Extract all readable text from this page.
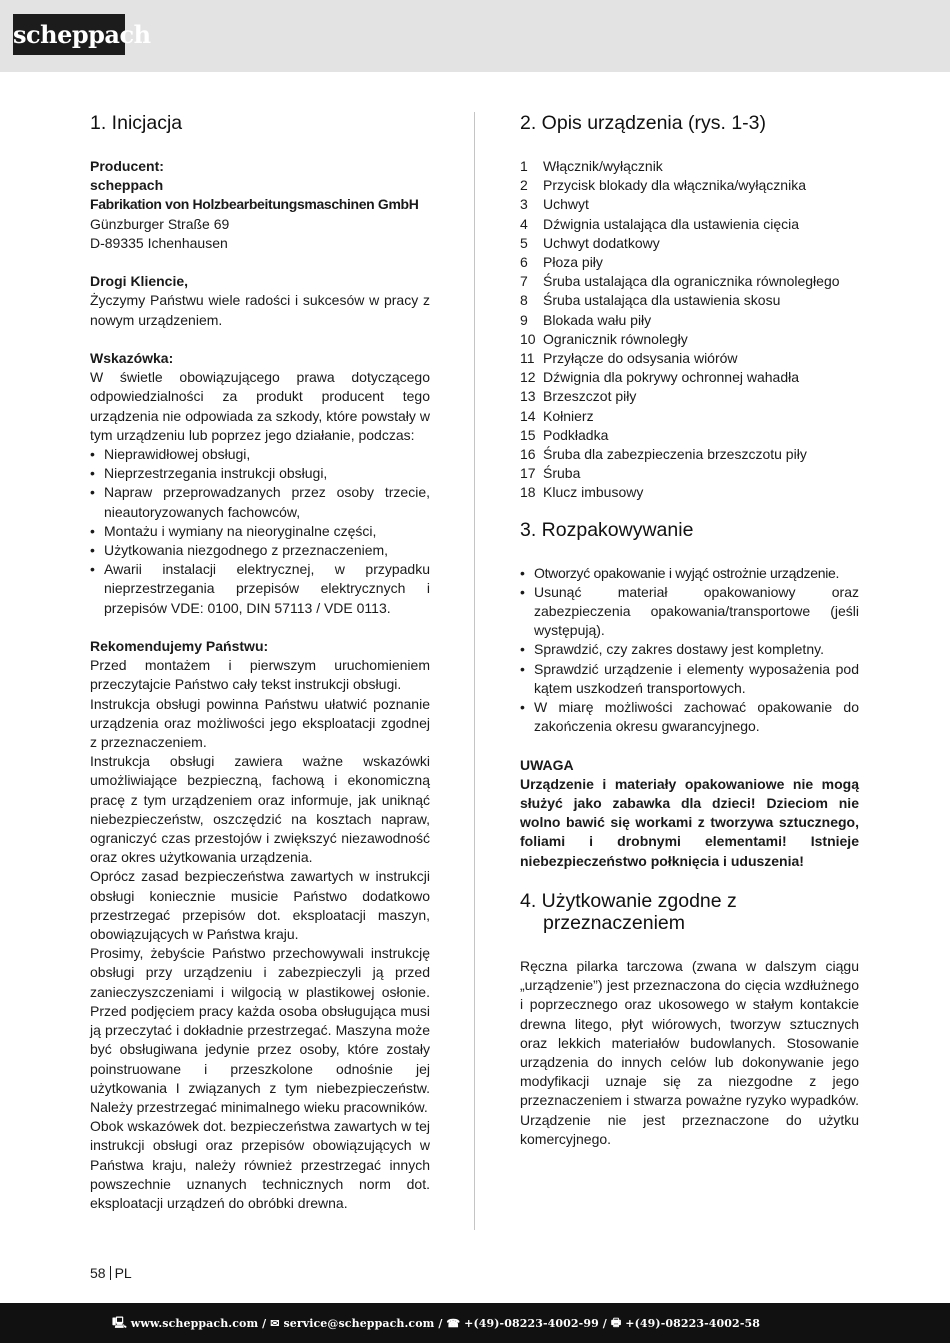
scheppach
1. Inicjacja

Producent:

scheppach

Fabrikation von Holzbearbeitungsmaschinen GmbH

Günzburger Straße 69

D-89335 Ichenhausen

Drogi Kliencie,

Życzymy Państwu wiele radości i sukcesów w pracy z nowym urządzeniem.

Wskazówka:

W świetle obowiązującego prawa dotyczącego odpowiedzialności za produkt producent tego urządzenia nie odpowiada za szkody, które powstały w tym urządzeniu lub poprzez jego działanie, podczas:

• Nieprawidłowej obsługi,
• Nieprzestrzegania instrukcji obsługi,
• Napraw przeprowadzanych przez osoby trzecie, nieautoryzowanych fachowców,
• Montażu i wymiany na nieoryginalne części,
• Użytkowania niezgodnego z przeznaczeniem,
• Awarii instalacji elektrycznej, w przypadku nieprzestrzegania przepisów elektrycznych i przepisów VDE: 0100, DIN 57113 / VDE 0113.

Rekomendujemy Państwu:

Przed montażem i pierwszym uruchomieniem przeczytajcie Państwo cały tekst instrukcji obsługi.

Instrukcja obsługi powinna Państwu ułatwić poznanie urządzenia oraz możliwości jego eksploatacji zgodnej z przeznaczeniem.

Instrukcja obsługi zawiera ważne wskazówki umożliwiające bezpieczną, fachową i ekonomiczną pracę z tym urządzeniem oraz informuje, jak uniknąć niebezpieczeństw, oszczędzić na kosztach napraw, ograniczyć czas przestojów i zwiększyć niezawodność oraz okres użytkowania urządzenia.

Oprócz zasad bezpieczeństwa zawartych w instrukcji obsługi koniecznie musicie Państwo dodatkowo przestrzegać przepisów dot. eksploatacji maszyn, obowiązujących w Państwa kraju.

Prosimy, żebyście Państwo przechowywali instrukcję obsługi przy urządzeniu i zabezpieczyli ją przed zanieczyszczeniami i wilgocią w plastikowej osłonie. Przed podjęciem pracy każda osoba obsługująca musi ją przeczytać i dokładnie przestrzegać. Maszyna może być obsługiwana jedynie przez osoby, które zostały poinstruowane i przeszkolone odnośnie jej użytkowania I związanych z tym niebezpieczeństw. Należy przestrzegać minimalnego wieku pracowników.

Obok wskazówek dot. bezpieczeństwa zawartych w tej instrukcji obsługi oraz przepisów obowiązujących w Państwa kraju, należy również przestrzegać innych powszechnie uznanych technicznych norm dot. eksploatacji urządzeń do obróbki drewna.

2. Opis urządzenia (rys. 1-3)
1	Włącznik/wyłącznik
2	Przycisk blokady dla włącznika/wyłącznika
3	Uchwyt
4	Dźwignia ustalająca dla ustawienia cięcia
5	Uchwyt dodatkowy
6	Płoza piły
7	Śruba ustalająca dla ogranicznika równoległego
8	Śruba ustalająca dla ustawienia skosu
9	Blokada wału piły
10 Ogranicznik równoległy
11 Przyłącze do odsysania wiórów
12 Dźwignia dla pokrywy ochronnej wahadła
13 Brzeszczot piły
14 Kołnierz
15 Podkładka
16 Śruba dla zabezpieczenia brzeszczotu piły
17 Śruba
18 Klucz imbusowy
3. Rozpakowywanie
• Otworzyć opakowanie i wyjąć ostrożnie urządzenie.
• Usunąć materiał opakowaniowy oraz zabezpieczenia opakowania/transportowe (jeśli występują).
• Sprawdzić, czy zakres dostawy jest kompletny.
• Sprawdzić urządzenie i elementy wyposażenia pod kątem uszkodzeń transportowych.
• W miarę możliwości zachować opakowanie do zakończenia okresu gwarancyjnego.

UWAGA

Urządzenie i materiały opakowaniowe nie mogą służyć jako zabawka dla dzieci! Dzieciom nie wolno bawić się workami z tworzywa sztucznego, foliami i drobnymi elementami! Istnieje niebezpieczeństwo połknięcia i uduszenia!

4. Użytkowanie zgodne z przeznaczeniem

Ręczna pilarka tarczowa (zwana w dalszym ciągu „urządzenie”) jest przeznaczona do cięcia wzdłużnego i poprzecznego oraz ukosowego w stałym kontakcie drewna litego, płyt wiórowych, tworzyw sztucznych oraz lekkich materiałów budowlanych. Stosowanie urządzenia do innych celów lub dokonywanie jego modyfikacji uznaje się za niezgodne z jego przeznaczeniem i stwarza poważne ryzyko wypadków. Urządzenie nie jest przeznaczone do użytku komercyjnego.

58 PL
🖳 www.scheppach.com / ✉ service@scheppach.com / ☎ +(49)-08223-4002-99 / 🖶 +(49)-08223-4002-58
